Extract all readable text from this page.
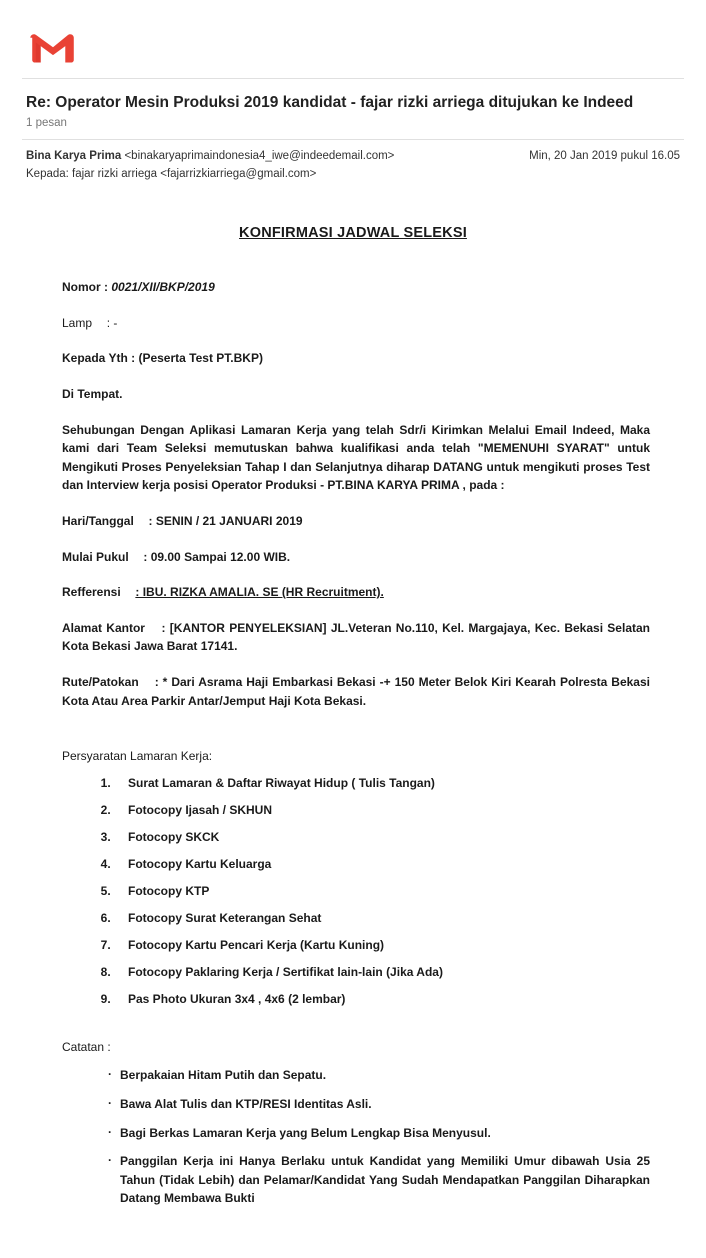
Re: Operator Mesin Produksi 2019 kandidat - fajar rizki arriega ditujukan ke Indeed

1 pesan

Bina Karya Prima <binakaryaprimaindonesia4_iwe@indeedemail.com>
Kepada: fajar rizki arriega <fajarrizkiarriega@gmail.com>
Min, 20 Jan 2019 pukul 16.05
KONFIRMASI JADWAL SELEKSI

Nomor : 0021/XII/BKP/2019

Lamp : -

Kepada Yth : (Peserta Test PT.BKP)

Di Tempat.

Sehubungan Dengan Aplikasi Lamaran Kerja yang telah Sdr/i Kirimkan Melalui Email Indeed, Maka kami dari Team Seleksi memutuskan bahwa kualifikasi anda telah "MEMENUHI SYARAT" untuk Mengikuti Proses Penyeleksian Tahap I dan Selanjutnya diharap DATANG untuk mengikuti proses Test dan Interview kerja posisi Operator Produksi - PT.BINA KARYA PRIMA , pada :

Hari/Tanggal : SENIN / 21 JANUARI 2019

Mulai Pukul : 09.00 Sampai 12.00 WIB.

Refferensi : IBU. RIZKA AMALIA. SE (HR Recruitment).

Alamat Kantor : [KANTOR PENYELEKSIAN] JL.Veteran No.110, Kel. Margajaya, Kec. Bekasi Selatan Kota Bekasi Jawa Barat 17141.

Rute/Patokan : * Dari Asrama Haji Embarkasi Bekasi -+ 150 Meter Belok Kiri Kearah Polresta Bekasi Kota Atau Area Parkir Antar/Jemput Haji Kota Bekasi.

Persyaratan Lamaran Kerja:

1. Surat Lamaran & Daftar Riwayat Hidup ( Tulis Tangan)
2. Fotocopy Ijasah / SKHUN
3. Fotocopy SKCK
4. Fotocopy Kartu Keluarga
5. Fotocopy KTP
6. Fotocopy Surat Keterangan Sehat
7. Fotocopy Kartu Pencari Kerja (Kartu Kuning)
8. Fotocopy Paklaring Kerja / Sertifikat lain-lain (Jika Ada)
9. Pas Photo Ukuran 3x4 , 4x6 (2 lembar)

Catatan :

· Berpakaian Hitam Putih dan Sepatu.
· Bawa Alat Tulis dan KTP/RESI Identitas Asli.
· Bagi Berkas Lamaran Kerja yang Belum Lengkap Bisa Menyusul.
· Panggilan Kerja ini Hanya Berlaku untuk Kandidat yang Memiliki Umur dibawah Usia 25 Tahun (Tidak Lebih) dan Pelamar/Kandidat Yang Sudah Mendapatkan Panggilan Diharapkan Datang Membawa Bukti
